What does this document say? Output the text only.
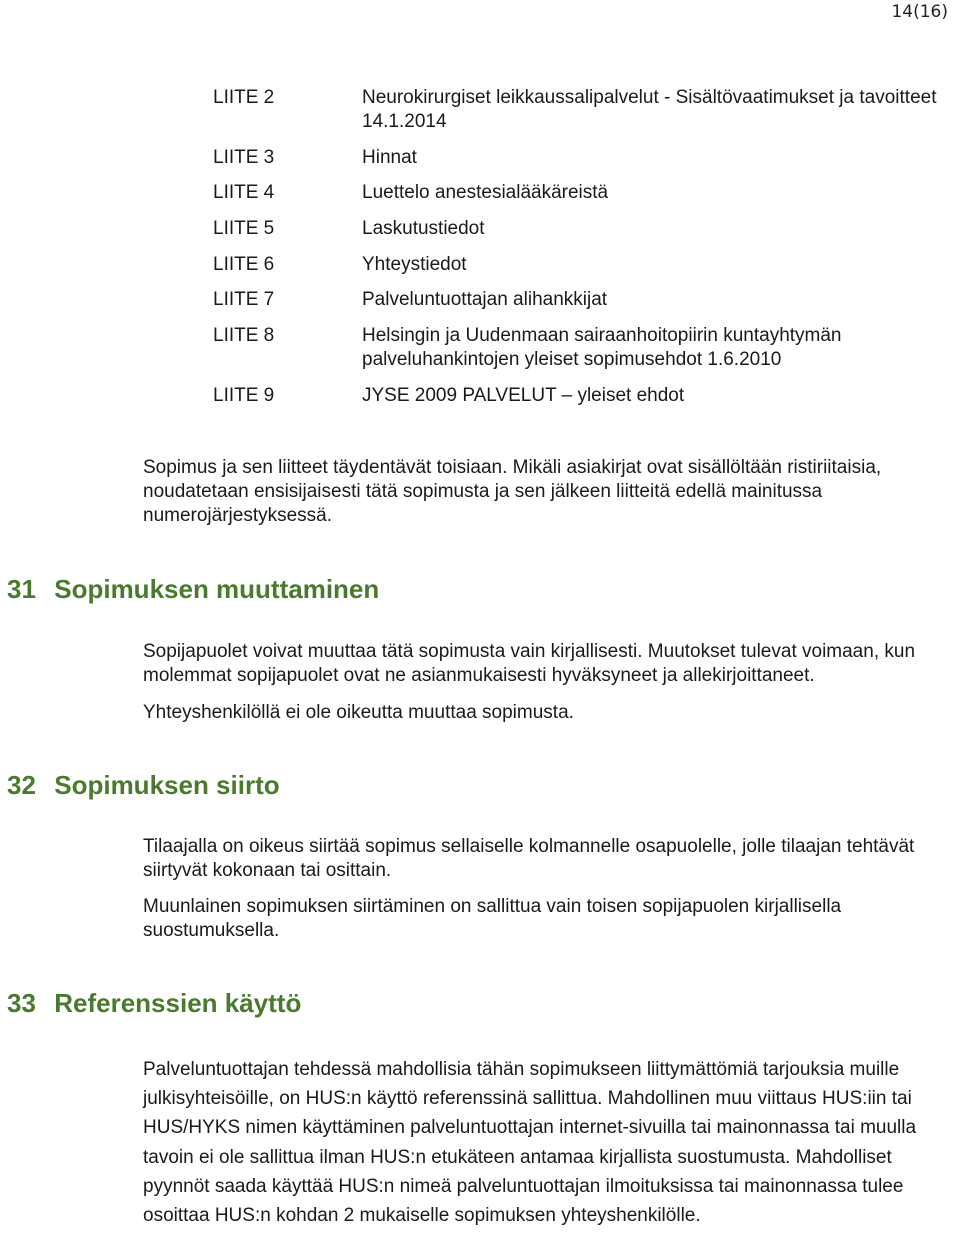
14(16)
LIITE 2	Neurokirurgiset leikkaussalipalvelut - Sisältövaatimukset ja tavoitteet 14.1.2014
LIITE 3	Hinnat
LIITE 4	Luettelo anestesialääkäreistä
LIITE 5	Laskutustiedot
LIITE 6	Yhteystiedot
LIITE 7	Palveluntuottajan alihankkijat
LIITE 8	Helsingin ja Uudenmaan sairaanhoitopiirin kuntayhtymän palveluhankintojen yleiset sopimusehdot 1.6.2010
LIITE 9	JYSE 2009 PALVELUT – yleiset ehdot
Sopimus ja sen liitteet täydentävät toisiaan. Mikäli asiakirjat ovat sisällöltään ristiriitaisia, noudatetaan ensisijaisesti tätä sopimusta ja sen jälkeen liitteitä edellä mainitussa numerojärjestyksessä.
31 Sopimuksen muuttaminen
Sopijapuolet voivat muuttaa tätä sopimusta vain kirjallisesti. Muutokset tulevat voimaan, kun molemmat sopijapuolet ovat ne asianmukaisesti hyväksyneet ja allekirjoittaneet.
Yhteyshenkilöllä ei ole oikeutta muuttaa sopimusta.
32 Sopimuksen siirto
Tilaajalla on oikeus siirtää sopimus sellaiselle kolmannelle osapuolelle, jolle tilaajan tehtävät siirtyvät kokonaan tai osittain.
Muunlainen sopimuksen siirtäminen on sallittua vain toisen sopijapuolen kirjallisella suostumuksella.
33 Referenssien käyttö
Palveluntuottajan tehdessä mahdollisia tähän sopimukseen liittymättömiä tarjouksia muille julkisyhteisöille, on HUS:n käyttö referenssinä sallittua. Mahdollinen muu viittaus HUS:iin tai HUS/HYKS nimen käyttäminen palveluntuottajan internet-sivuilla tai mainonnassa tai muulla tavoin ei ole sallittua ilman HUS:n etukäteen antamaa kirjallista suostumusta. Mahdolliset pyynnöt saada käyttää HUS:n nimeä palveluntuottajan ilmoituksissa tai mainonnassa tulee osoittaa HUS:n kohdan 2 mukaiselle sopimuksen yhteyshenkilölle.
